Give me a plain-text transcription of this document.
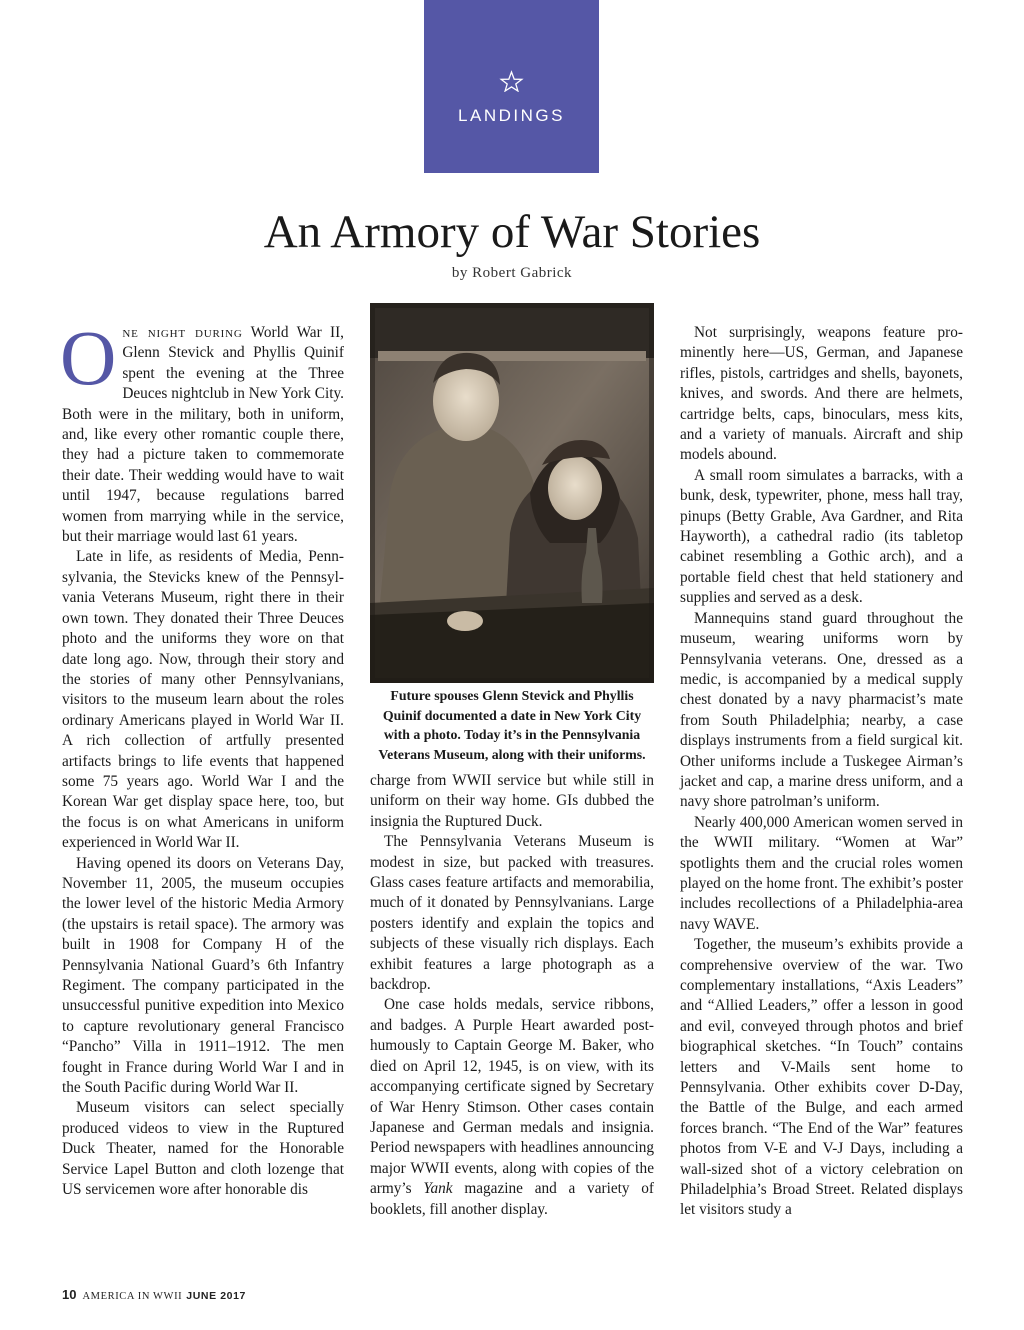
LANDINGS
An Armory of War Stories
by Robert Gabrick

One night during World War II, Glenn Stevick and Phyllis Quinif spent the evening at the Three Deuces nightclub in New York City. Both were in the military, both in uniform, and, like every other romantic couple there, they had a picture taken to commemorate their date. Their wedding would have to wait until 1947, because regulations barred women from marrying while in the service, but their marriage would last 61 years.

Late in life, as residents of Media, Pennsylvania, the Stevicks knew of the Pennsylvania Veterans Museum, right there in their own town. They donated their Three Deuces photo and the uniforms they wore on that date long ago. Now, through their story and the stories of many other Pennsylvanians, visitors to the museum learn about the roles ordinary Americans played in World War II. A rich collection of artfully presented artifacts brings to life events that happened some 75 years ago. World War I and the Korean War get display space here, too, but the focus is on what Americans in uniform experienced in World War II.

Having opened its doors on Veterans Day, November 11, 2005, the museum occupies the lower level of the historic Media Armory (the upstairs is retail space). The armory was built in 1908 for Company H of the Pennsylvania National Guard’s 6th Infantry Regiment. The company participated in the unsuccessful punitive expedition into Mexico to capture revolutionary general Francisco “Pancho” Villa in 1911–1912. The men fought in France during World War I and in the South Pacific during World War II.

Museum visitors can select specially produced videos to view in the Ruptured Duck Theater, named for the Honorable Service Lapel Button and cloth lozenge that US servicemen wore after honorable dis

Future spouses Glenn Stevick and Phyllis Quinif documented a date in New York City with a photo. Today it’s in the Pennsylvania Veterans Museum, along with their uniforms.

charge from WWII service but while still in uniform on their way home. GIs dubbed the insignia the Ruptured Duck.

The Pennsylvania Veterans Museum is modest in size, but packed with treasures. Glass cases feature artifacts and memorabilia, much of it donated by Pennsylvanians. Large posters identify and explain the topics and subjects of these visually rich displays. Each exhibit features a large photograph as a backdrop.

One case holds medals, service ribbons, and badges. A Purple Heart awarded posthumously to Captain George M. Baker, who died on April 12, 1945, is on view, with its accompanying certificate signed by Secretary of War Henry Stimson. Other cases contain Japanese and German medals and insignia. Period newspapers with headlines announcing major WWII events, along with copies of the army’s Yank magazine and a variety of booklets, fill another display.

Not surprisingly, weapons feature prominently here—US, German, and Japanese rifles, pistols, cartridges and shells, bayonets, knives, and swords. And there are helmets, cartridge belts, caps, binoculars, mess kits, and a variety of manuals. Aircraft and ship models abound.

A small room simulates a barracks, with a bunk, desk, typewriter, phone, mess hall tray, pinups (Betty Grable, Ava Gardner, and Rita Hayworth), a cathedral radio (its tabletop cabinet resembling a Gothic arch), and a portable field chest that held stationery and supplies and served as a desk.

Mannequins stand guard throughout the museum, wearing uniforms worn by Pennsylvania veterans. One, dressed as a medic, is accompanied by a medical supply chest donated by a navy pharmacist’s mate from South Philadelphia; nearby, a case displays instruments from a field surgical kit. Other uniforms include a Tuskegee Airman’s jacket and cap, a marine dress uniform, and a navy shore patrolman’s uniform.

Nearly 400,000 American women served in the WWII military. “Women at War” spotlights them and the crucial roles women played on the home front. The exhibit’s poster includes recollections of a Philadelphia-area navy WAVE.

Together, the museum’s exhibits provide a comprehensive overview of the war. Two complementary installations, “Axis Leaders” and “Allied Leaders,” offer a lesson in good and evil, conveyed through photos and brief biographical sketches. “In Touch” contains letters and V-Mails sent home to Pennsylvania. Other exhibits cover D-Day, the Battle of the Bulge, and each armed forces branch. “The End of the War” features photos from V-E and V-J Days, including a wall-sized shot of a victory celebration on Philadelphia’s Broad Street. Related displays let visitors study a

10 AMERICA IN WWII JUNE 2017
